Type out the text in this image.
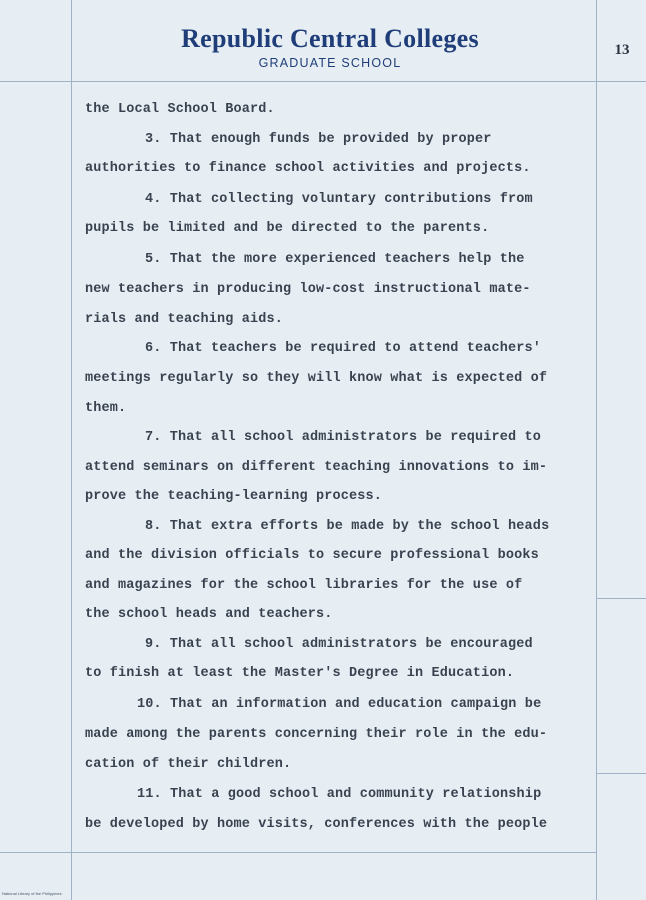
Republic Central Colleges
GRADUATE SCHOOL
13
the Local School Board.
3. That enough funds be provided by proper
authorities to finance school activities and projects.
4. That collecting voluntary contributions from
pupils be limited and be directed to the parents.
5. That the more experienced teachers help the
new teachers in producing low-cost instructional mate-
rials and teaching aids.
6. That teachers be required to attend teachers'
meetings regularly so they will know what is expected of
them.
7. That all school administrators be required to
attend seminars on different teaching innovations to im-
prove the teaching-learning process.
8. That extra efforts be made by the school heads
and the division officials to secure professional books
and magazines for the school libraries for the use of
the school heads and teachers.
9. That all school administrators be encouraged
to finish at least the Master's Degree in Education.
10. That an information and education campaign be
made among the parents concerning their role in the edu-
cation of their children.
11. That a good school and community relationship
be developed by home visits, conferences with the people
National Library of the Philippines
